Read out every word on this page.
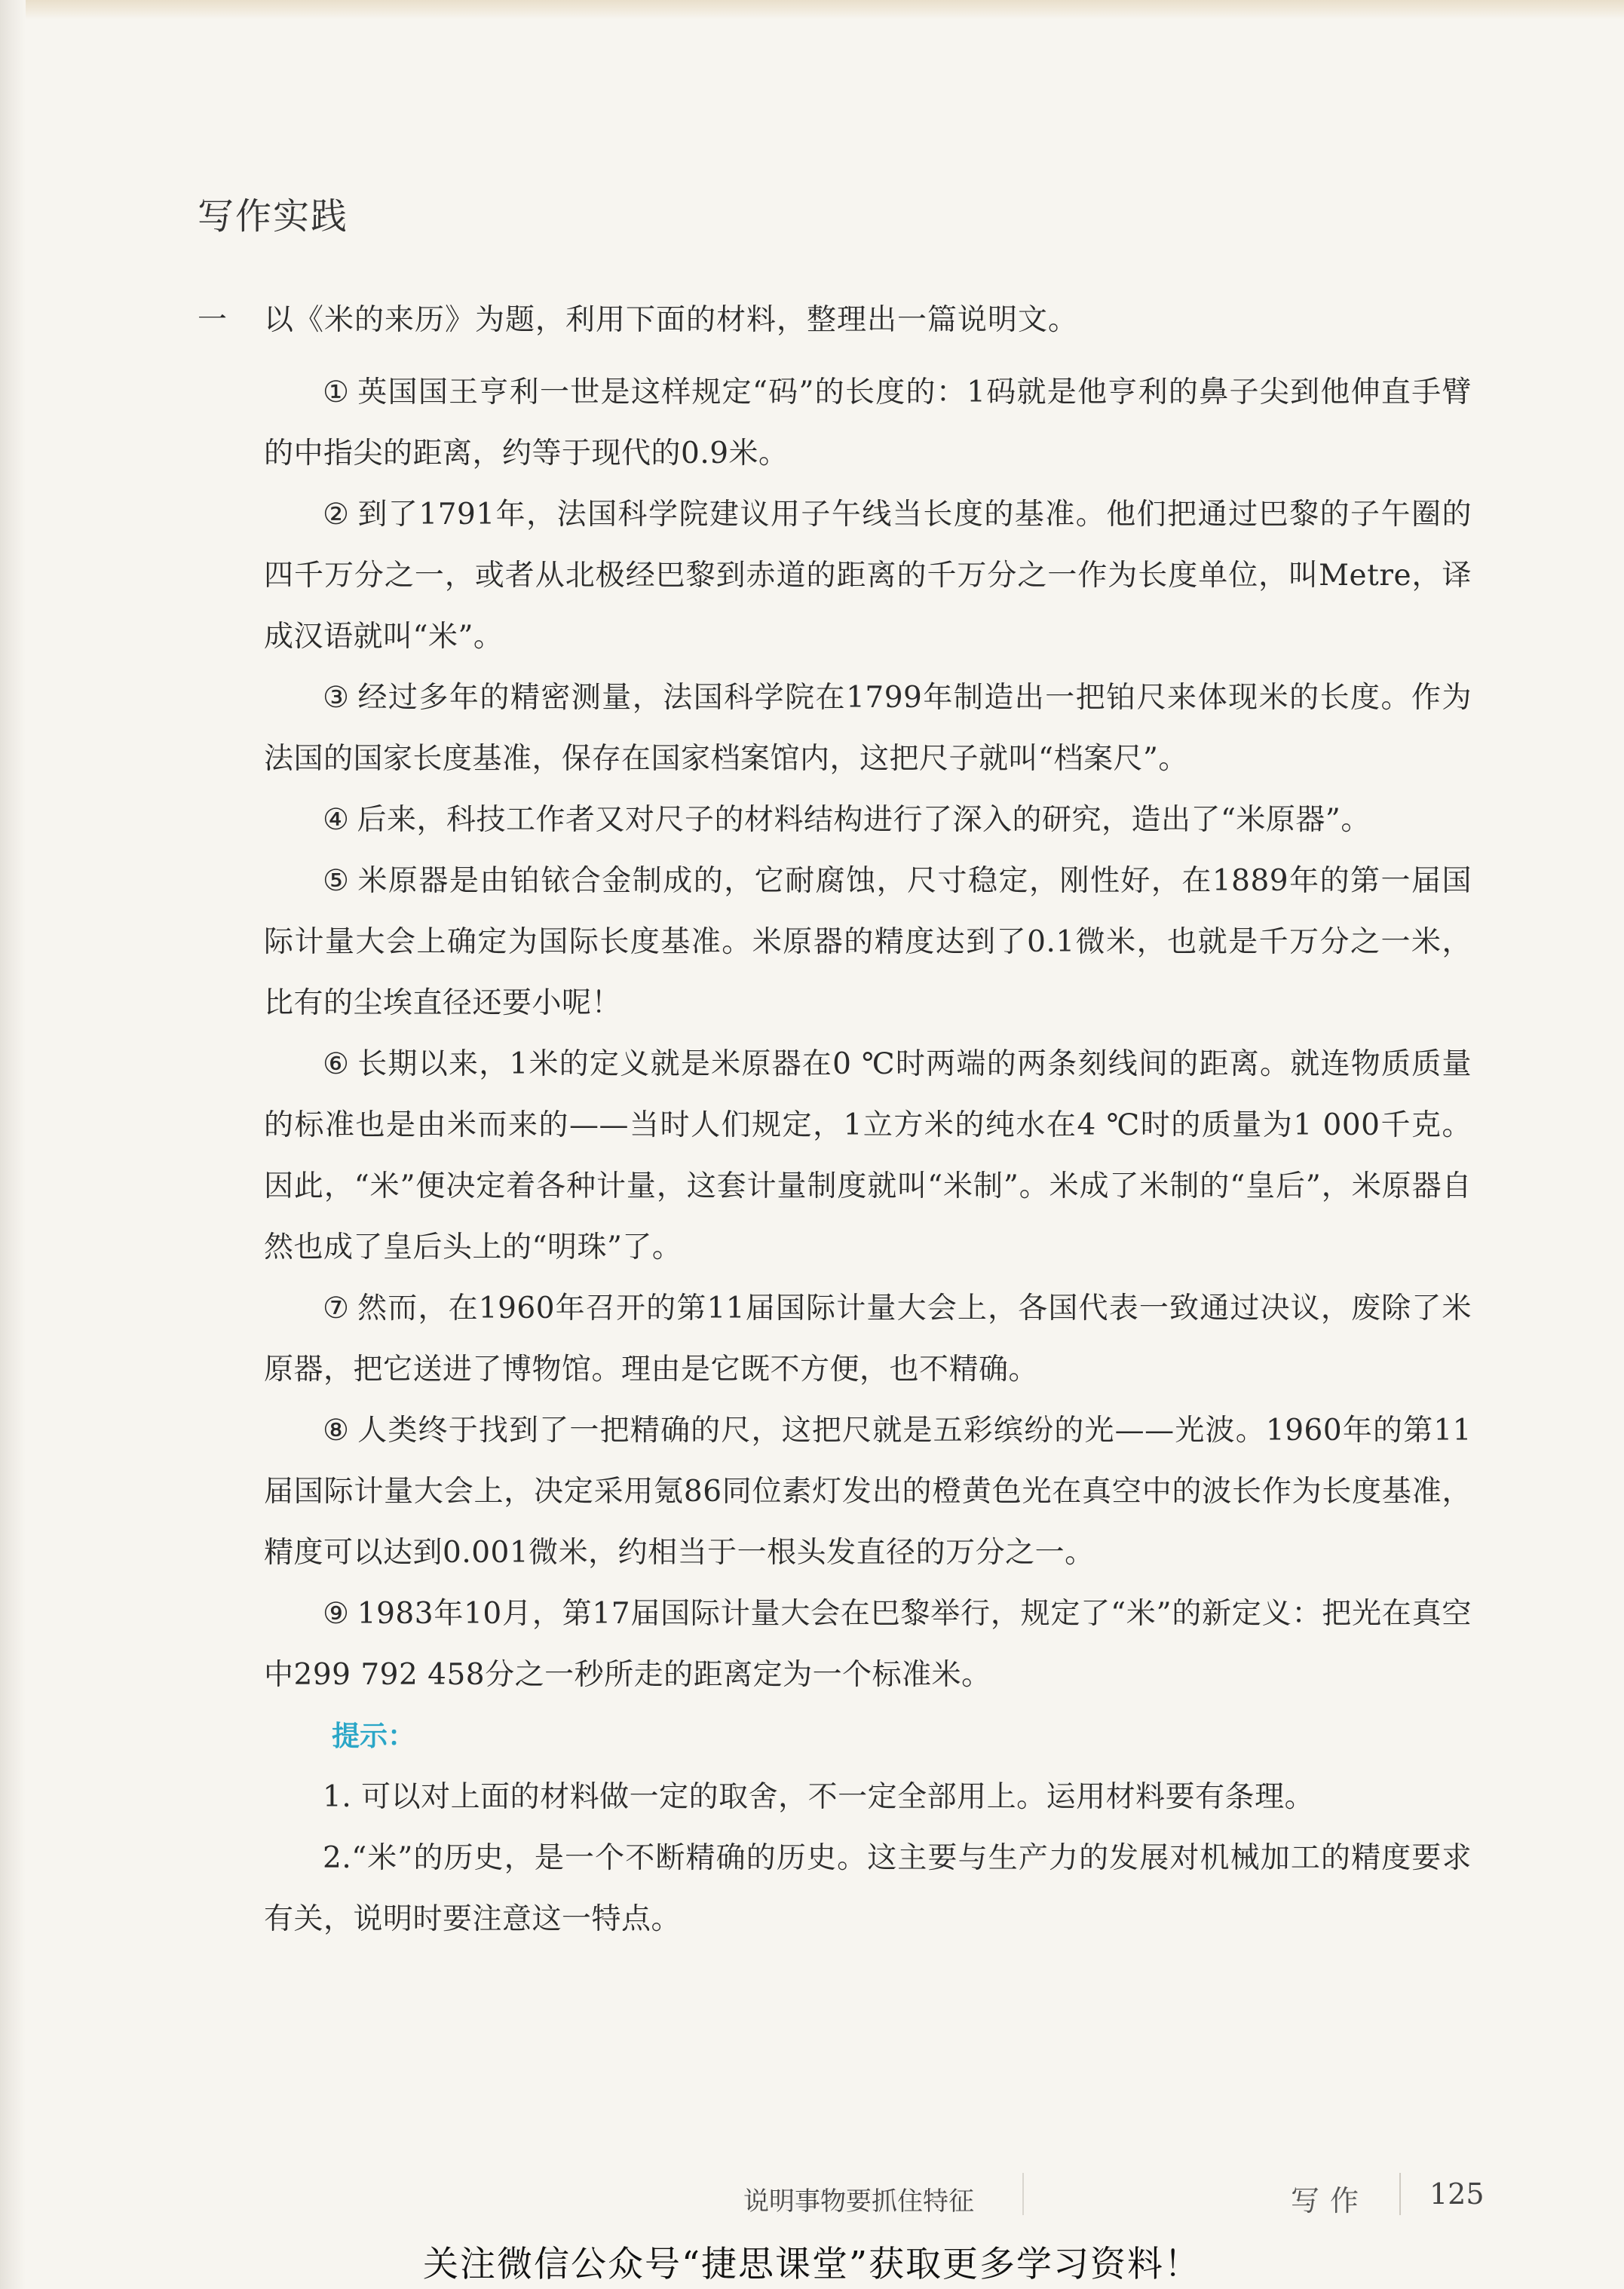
写作实践
一 以《米的来历》为题，利用下面的材料，整理出一篇说明文。

① 英国国王亨利一世是这样规定“码”的长度的：1码就是他亨利的鼻子尖到他伸直手臂的中指尖的距离，约等于现代的0.9米。

② 到了1791年，法国科学院建议用子午线当长度的基准。他们把通过巴黎的子午圈的四千万分之一，或者从北极经巴黎到赤道的距离的千万分之一作为长度单位，叫Metre，译成汉语就叫“米”。

③ 经过多年的精密测量，法国科学院在1799年制造出一把铂尺来体现米的长度。作为法国的国家长度基准，保存在国家档案馆内，这把尺子就叫“档案尺”。

④ 后来，科技工作者又对尺子的材料结构进行了深入的研究，造出了“米原器”。

⑤ 米原器是由铂铱合金制成的，它耐腐蚀，尺寸稳定，刚性好，在1889年的第一届国际计量大会上确定为国际长度基准。米原器的精度达到了0.1微米，也就是千万分之一米，比有的尘埃直径还要小呢！

⑥ 长期以来，1米的定义就是米原器在0 ℃时两端的两条刻线间的距离。就连物质质量的标准也是由米而来的——当时人们规定，1立方米的纯水在4 ℃时的质量为1 000千克。因此，“米”便决定着各种计量，这套计量制度就叫“米制”。米成了米制的“皇后”，米原器自然也成了皇后头上的“明珠”了。

⑦ 然而，在1960年召开的第11届国际计量大会上，各国代表一致通过决议，废除了米原器，把它送进了博物馆。理由是它既不方便，也不精确。

⑧ 人类终于找到了一把精确的尺，这把尺就是五彩缤纷的光——光波。1960年的第11届国际计量大会上，决定采用氪86同位素灯发出的橙黄色光在真空中的波长作为长度基准，精度可以达到0.001微米，约相当于一根头发直径的万分之一。

⑨ 1983年10月，第17届国际计量大会在巴黎举行，规定了“米”的新定义：把光在真空中299 792 458分之一秒所走的距离定为一个标准米。

提示：

1. 可以对上面的材料做一定的取舍，不一定全部用上。运用材料要有条理。

2.“米”的历史，是一个不断精确的历史。这主要与生产力的发展对机械加工的精度要求有关，说明时要注意这一特点。

说明事物要抓住特征	写作 125
关注微信公众号“捷思课堂”获取更多学习资料！
